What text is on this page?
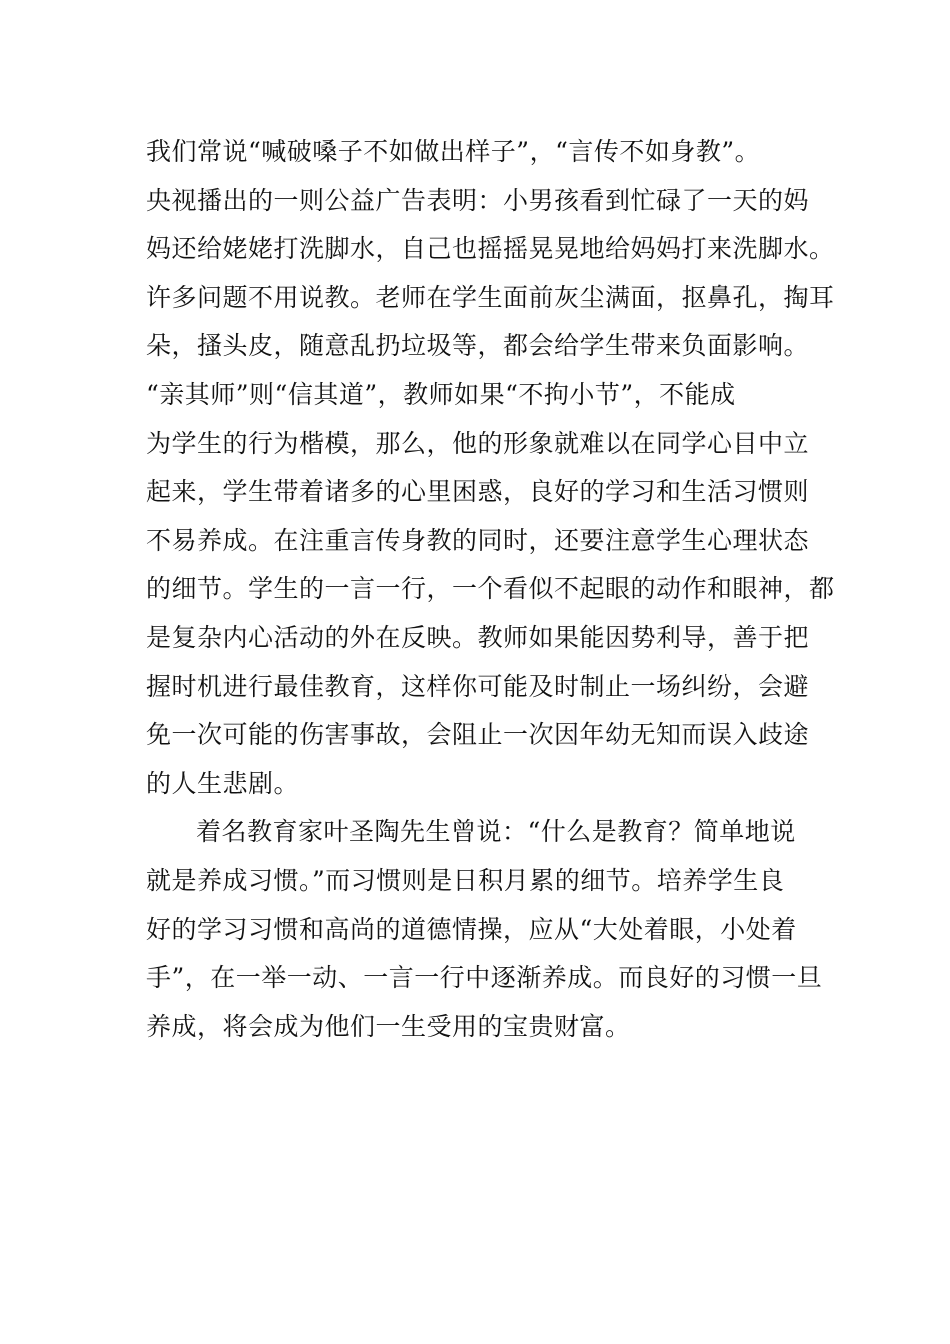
我们常说“喊破嗓子不如做出样子”，“言传不如身教”。
央视播出的一则公益广告表明：小男孩看到忙碌了一天的妈
妈还给姥姥打洗脚水，自己也摇摇晃晃地给妈妈打来洗脚水。
许多问题不用说教。老师在学生面前灰尘满面，抠鼻孔，掏耳
朵，搔头皮，随意乱扔垃圾等，都会给学生带来负面影响。
“亲其师”则“信其道”，教师如果“不拘小节”，不能成
为学生的行为楷模，那么，他的形象就难以在同学心目中立
起来，学生带着诸多的心里困惑，良好的学习和生活习惯则
不易养成。在注重言传身教的同时，还要注意学生心理状态
的细节。学生的一言一行，一个看似不起眼的动作和眼神，都
是复杂内心活动的外在反映。教师如果能因势利导，善于把
握时机进行最佳教育，这样你可能及时制止一场纠纷，会避
免一次可能的伤害事故，会阻止一次因年幼无知而误入歧途
的人生悲剧。
着名教育家叶圣陶先生曾说：“什么是教育？简单地说
就是养成习惯。”而习惯则是日积月累的细节。培养学生良
好的学习习惯和高尚的道德情操，应从“大处着眼，小处着
手”，在一举一动、一言一行中逐渐养成。而良好的习惯一旦
养成，将会成为他们一生受用的宝贵财富。
